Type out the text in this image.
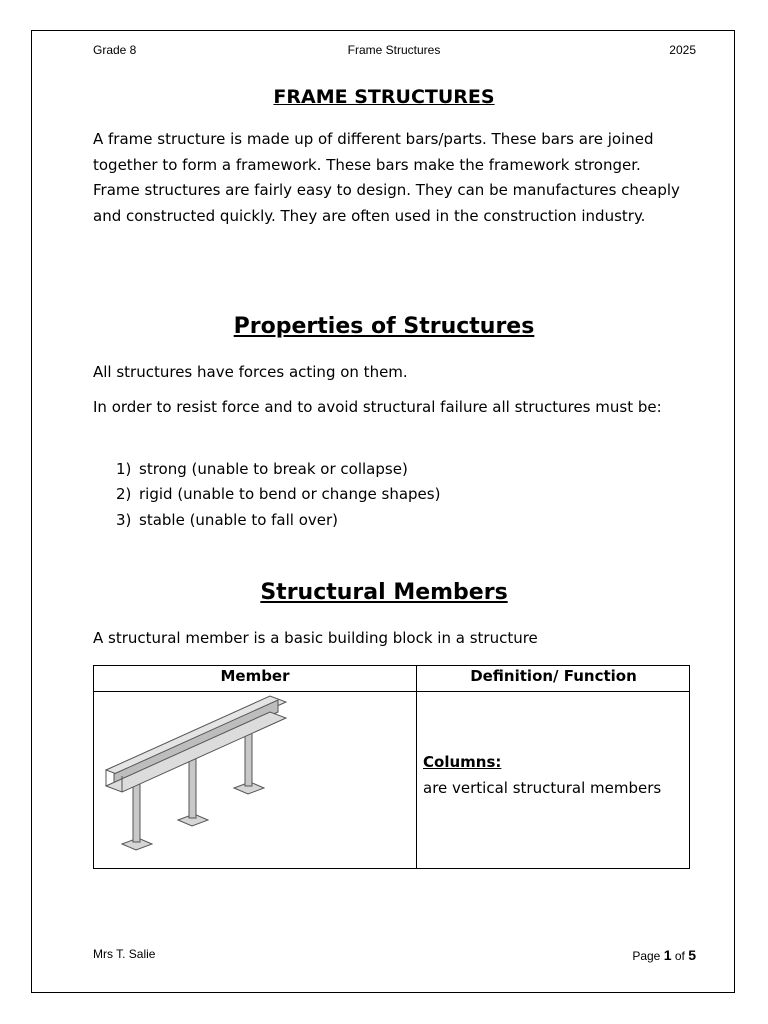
Grade 8	Frame Structures	2025
FRAME STRUCTURES

A frame structure is made up of different bars/parts. These bars are joined together to form a framework. These bars make the framework stronger. Frame structures are fairly easy to design. They can be manufactures cheaply and constructed quickly. They are often used in the construction industry.

Properties of Structures

All structures have forces acting on them.

In order to resist force and to avoid structural failure all structures must be:

1) strong (unable to break or collapse)
2) rigid (unable to bend or change shapes)
3) stable (unable to fall over)
Structural Members

A structural member is a basic building block in a structure

Member	Definition/ Function
Columns:
are vertical structural members
Mrs T. Salie	Page 1 of 5
